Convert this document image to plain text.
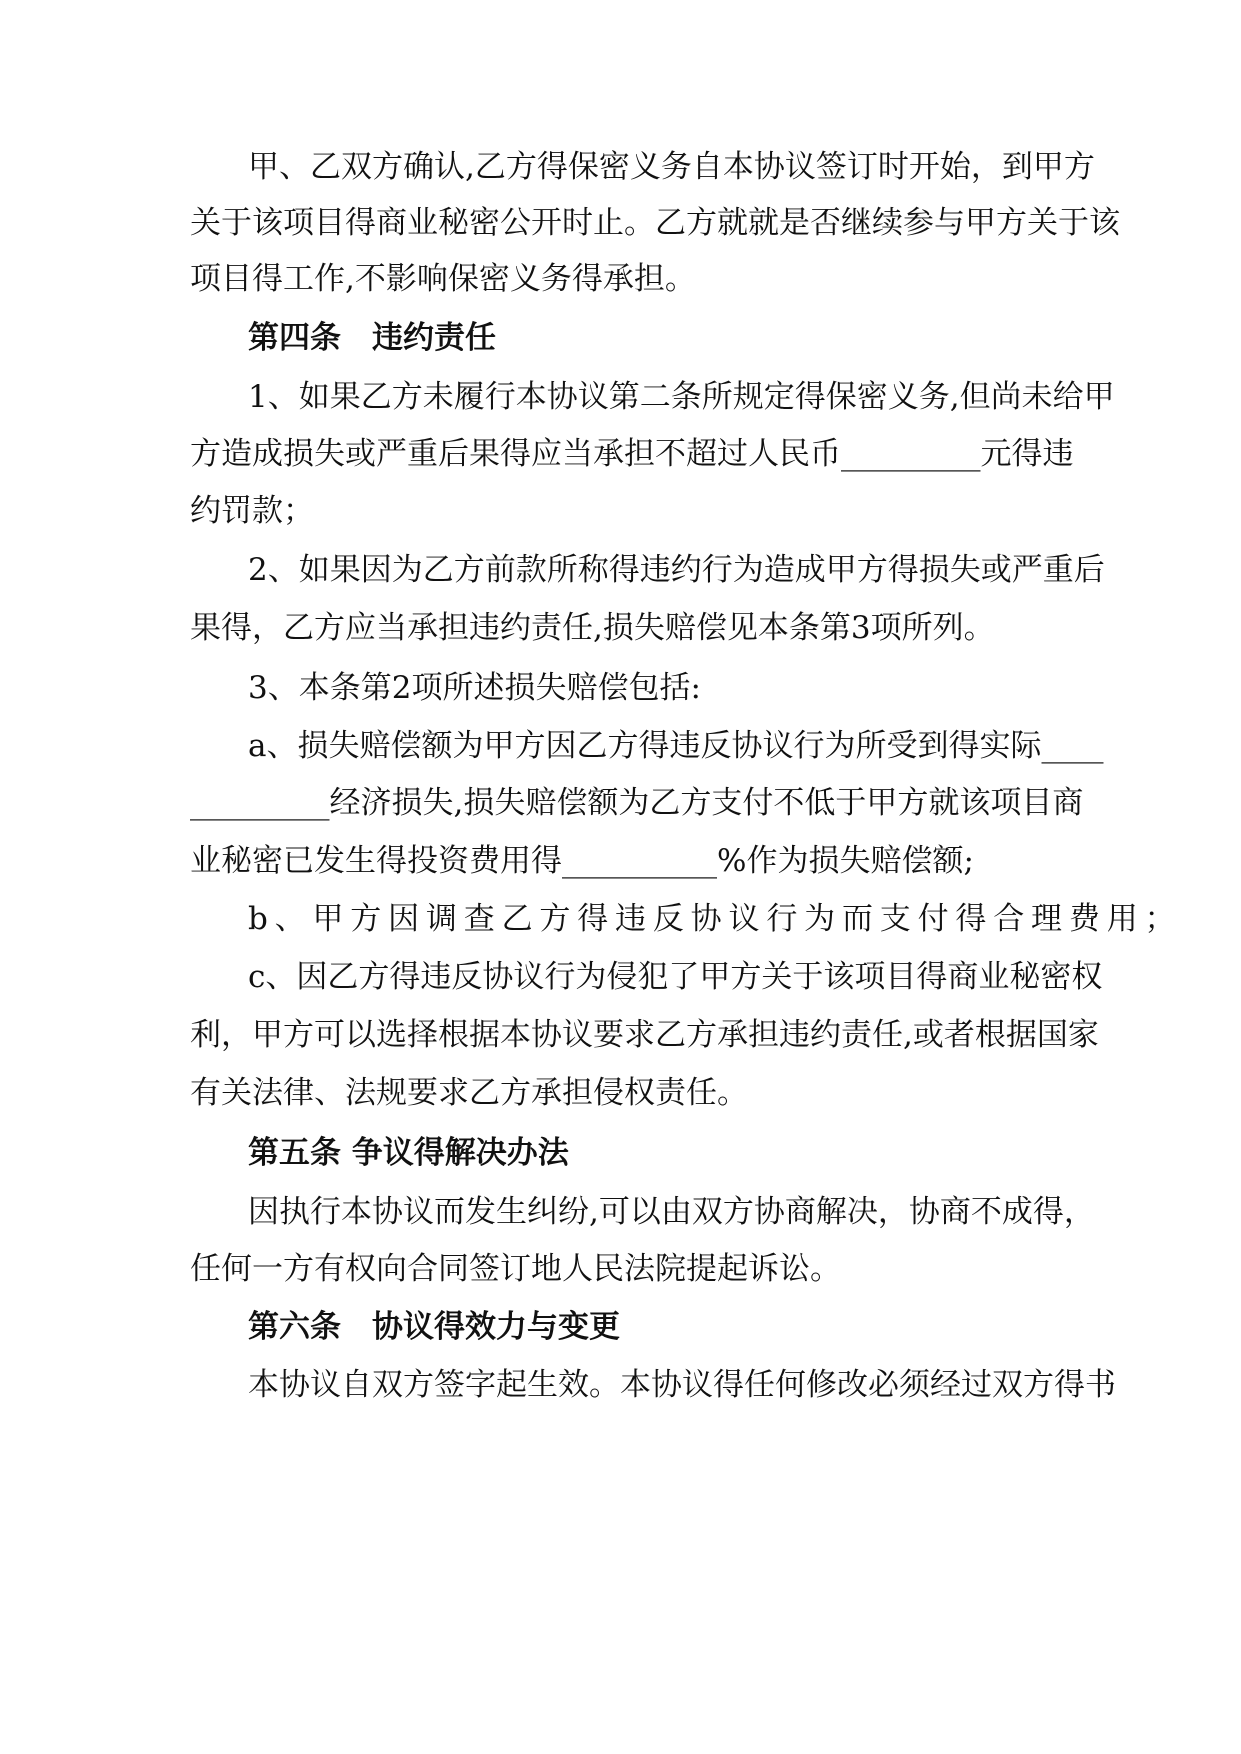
甲、乙双方确认,乙方得保密义务自本协议签订时开始，到甲方
关于该项目得商业秘密公开时止。乙方就就是否继续参与甲方关于该
项目得工作,不影响保密义务得承担。
第四条　违约责任
1、如果乙方未履行本协议第二条所规定得保密义务,但尚未给甲
方造成损失或严重后果得应当承担不超过人民币_________元得违
约罚款；
2、如果因为乙方前款所称得违约行为造成甲方得损失或严重后
果得，乙方应当承担违约责任,损失赔偿见本条第3项所列。
3、本条第2项所述损失赔偿包括:
a、损失赔偿额为甲方因乙方得违反协议行为所受到得实际____
_________经济损失,损失赔偿额为乙方支付不低于甲方就该项目商
业秘密已发生得投资费用得__________%作为损失赔偿额;
b、甲方因调查乙方得违反协议行为而支付得合理费用；
c、因乙方得违反协议行为侵犯了甲方关于该项目得商业秘密权
利，甲方可以选择根据本协议要求乙方承担违约责任,或者根据国家
有关法律、法规要求乙方承担侵权责任。
第五条 争议得解决办法
因执行本协议而发生纠纷,可以由双方协商解决，协商不成得，
任何一方有权向合同签订地人民法院提起诉讼。
第六条　协议得效力与变更
本协议自双方签字起生效。本协议得任何修改必须经过双方得书
